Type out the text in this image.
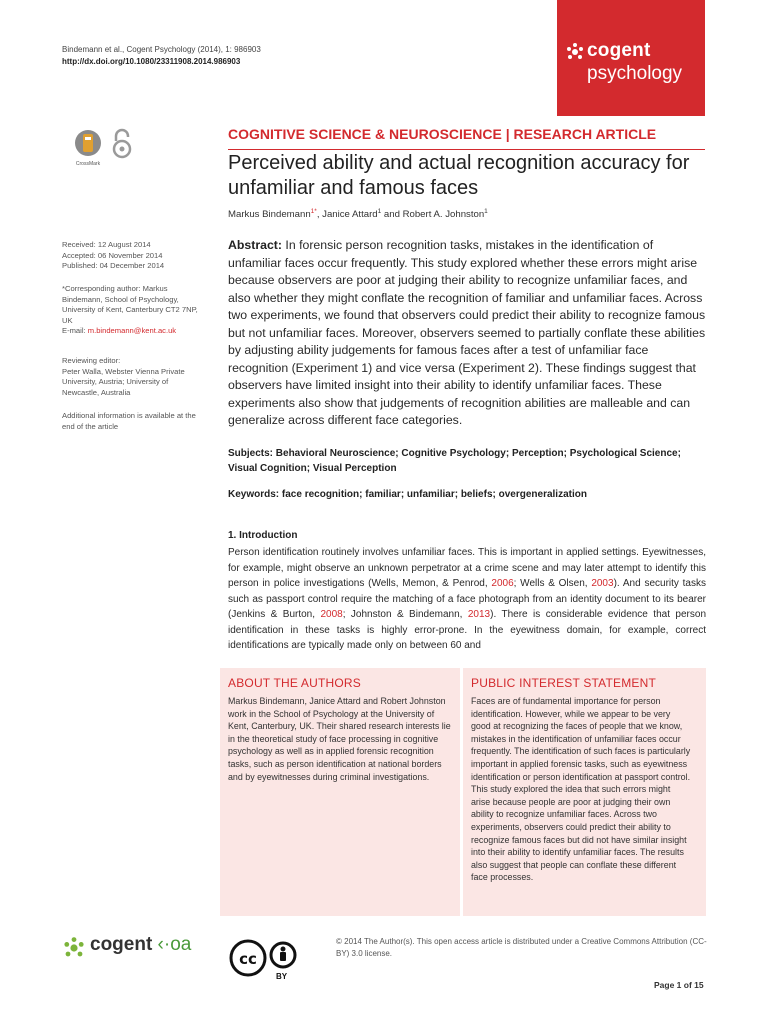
Bindemann et al., Cogent Psychology (2014), 1: 986903
http://dx.doi.org/10.1080/23311908.2014.986903
cogent
psychology
CrossMark
Received: 12 August 2014
Accepted: 06 November 2014
Published: 04 December 2014
*Corresponding author: Markus Bindemann, School of Psychology, University of Kent, Canterbury CT2 7NP, UK
E-mail: m.bindemann@kent.ac.uk
Reviewing editor:
Peter Walla, Webster Vienna Private University, Austria; University of Newcastle, Australia
Additional information is available at the end of the article
COGNITIVE SCIENCE & NEUROSCIENCE | RESEARCH ARTICLE
Perceived ability and actual recognition accuracy for unfamiliar and famous faces
Markus Bindemann$^{1*}$, Janice Attard$^1$ and Robert A. Johnston$^1$
Abstract: In forensic person recognition tasks, mistakes in the identification of unfamiliar faces occur frequently. This study explored whether these errors might arise because observers are poor at judging their ability to recognize unfamiliar faces, and also whether they might conflate the recognition of familiar and unfamiliar faces. Across two experiments, we found that observers could predict their ability to recognize famous but not unfamiliar faces. Moreover, observers seemed to partially conflate these abilities by adjusting ability judgements for famous faces after a test of unfamiliar face recognition (Experiment 1) and vice versa (Experiment 2). These findings suggest that observers have limited insight into their ability to identify unfamiliar faces. These experiments also show that judgements of recognition abilities are malleable and can generalize across different face categories.
Subjects: Behavioral Neuroscience; Cognitive Psychology; Perception; Psychological Science; Visual Cognition; Visual Perception
Keywords: face recognition; familiar; unfamiliar; beliefs; overgeneralization
1. Introduction
Person identification routinely involves unfamiliar faces. This is important in applied settings. Eyewitnesses, for example, might observe an unknown perpetrator at a crime scene and may later attempt to identify this person in police investigations (Wells, Memon, & Penrod, 2006; Wells & Olsen, 2003). And security tasks such as passport control require the matching of a face photograph from an identity document to its bearer (Jenkins & Burton, 2008; Johnston & Bindemann, 2013). There is considerable evidence that person identification in these tasks is highly error-prone. In the eyewitness domain, for example, correct identifications are typically made only on between 60 and
ABOUT THE AUTHORS
Markus Bindemann, Janice Attard and Robert Johnston work in the School of Psychology at the University of Kent, Canterbury, UK. Their shared research interests lie in the theoretical study of face processing in cognitive psychology as well as in applied forensic recognition tasks, such as person identification at national borders and by eyewitnesses during criminal investigations.
PUBLIC INTEREST STATEMENT
Faces are of fundamental importance for person identification. However, while we appear to be very good at recognizing the faces of people that we know, mistakes in the identification of unfamiliar faces occur frequently. The identification of such faces is particularly important in applied forensic tasks, such as eyewitness identification or person identification at passport control. This study explored the idea that such errors might arise because people are poor at judging their own ability to recognize unfamiliar faces. Across two experiments, observers could predict their ability to recognize famous faces but did not have similar insight into their ability to identify unfamiliar faces. The results also suggest that people can conflate these different face processes.
cogent ‹·oa
cc
BY
© 2014 The Author(s). This open access article is distributed under a Creative Commons Attribution (CC-BY) 3.0 license.
Page 1 of 15
